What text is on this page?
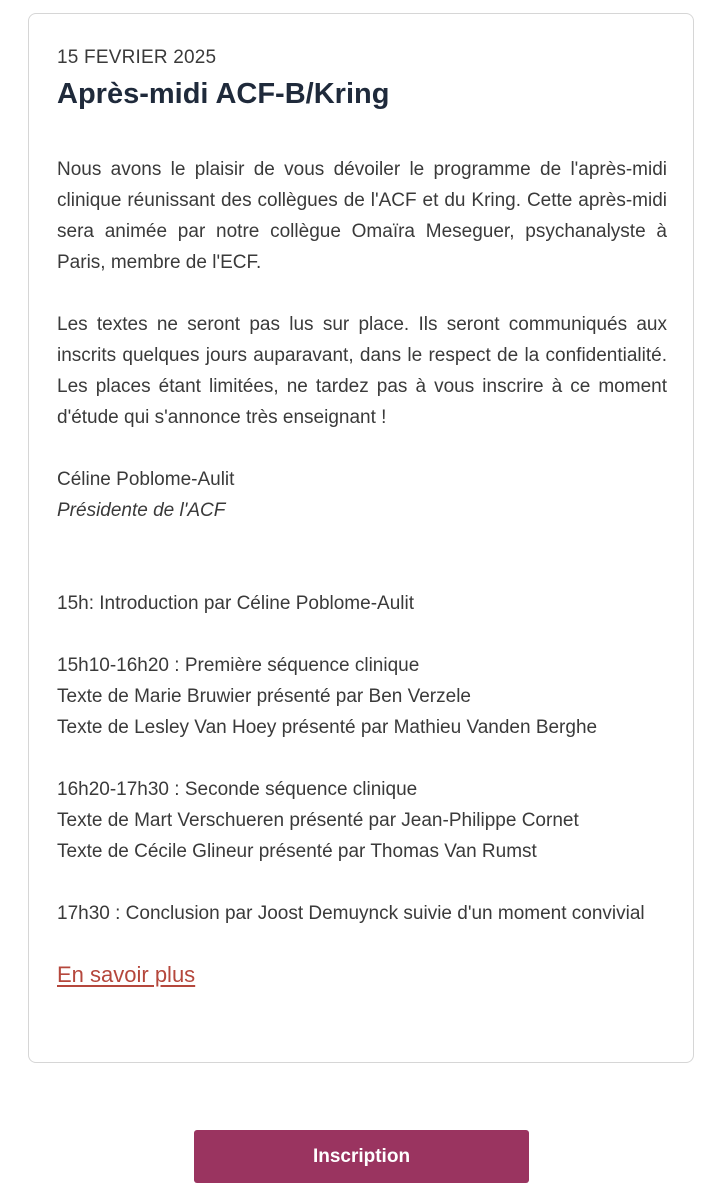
15 FEVRIER 2025
Après-midi ACF-B/Kring

Nous avons le plaisir de vous dévoiler le programme de l'après-midi clinique réunissant des collègues de l'ACF et du Kring. Cette après-midi sera animée par notre collègue Omaïra Meseguer, psychanalyste à Paris, membre de l'ECF.

Les textes ne seront pas lus sur place. Ils seront communiqués aux inscrits quelques jours auparavant, dans le respect de la confidentialité. Les places étant limitées, ne tardez pas à vous inscrire à ce moment d'étude qui s'annonce très enseignant !

Céline Poblome-Aulit
Présidente de l'ACF
15h: Introduction par Céline Poblome-Aulit
15h10-16h20 : Première séquence clinique
Texte de Marie Bruwier présenté par Ben Verzele
Texte de Lesley Van Hoey présenté par Mathieu Vanden Berghe
16h20-17h30 : Seconde séquence clinique
Texte de Mart Verschueren présenté par Jean-Philippe Cornet
Texte de Cécile Glineur présenté par Thomas Van Rumst
17h30 : Conclusion par Joost Demuynck suivie d'un moment convivial
En savoir plus
Inscription
